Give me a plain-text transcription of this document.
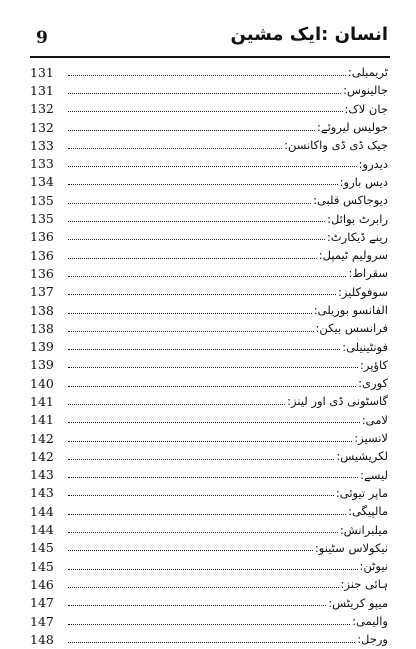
9	انسان :ایک مشین
131	ٹریمبلی:
131	جالینوس:
132	جان لاک:
132	جولیس لیروئے:
133	جیک ڈی ڈی واکانسن:
133	دیدرو:
134	دیس بارو:
135	دیوجاکس قلبی:
135	رابرٹ بوائل:
136	رینے ڈیکارٹ:
136	سرولیم ٹیمپل:
136	سقراط:
137	سوفوکلیز:
138	الفانسو بوریلی:
138	فرانسس بیکن:
139	فونٹینیلی:
139	کاؤپر:
140	کوری:
141	گاسٹونی ڈی اور لینز:
141	لامی:
142	لانسیز:
142	لکریشیس:
143	لیسے:
143	ماپر تیوئی:
144	مالپیگی:
144	میلبرانش:
145	نیکولاس سٹینو:
145	نیوٹن:
146	ہائی جنز:
147	میپو کریٹس:
147	والیمی:
148	ورجل:
